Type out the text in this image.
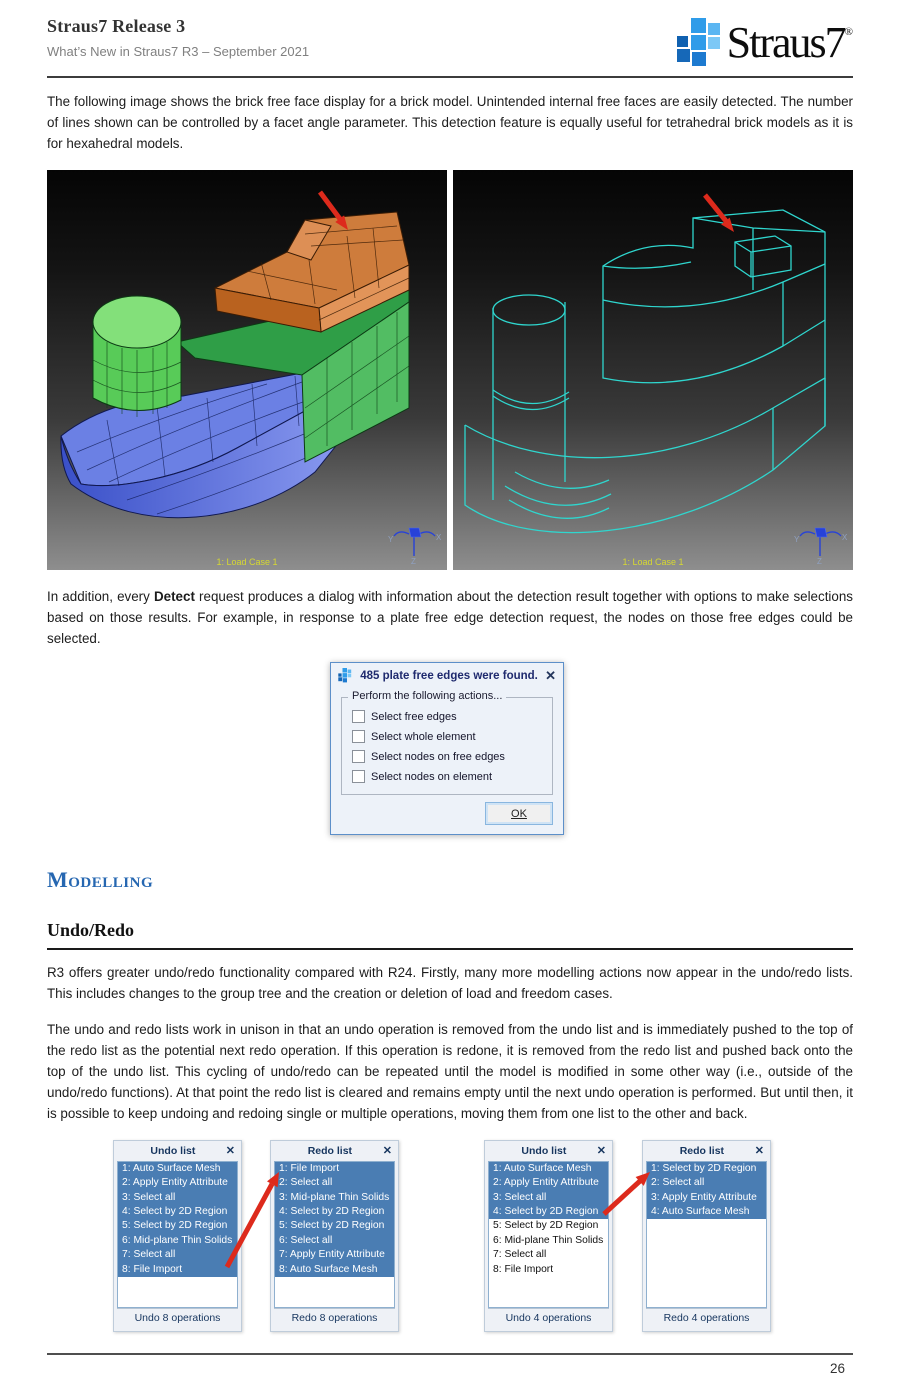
Straus7 Release 3
What’s New in Straus7 R3 – September 2021	Straus7®

The following image shows the brick free face display for a brick model. Unintended internal free faces are easily detected. The number of lines shown can be controlled by a facet angle parameter. This detection feature is equally useful for tetrahedral brick models as it is for hexahedral models.

Y	X
Z
1: Load Case 1
Y	X
Z
1: Load Case 1

In addition, every Detect request produces a dialog with information about the detection result together with options to make selections based on those results. For example, in response to a plate free edge detection request, the nodes on those free edges could be selected.

485 plate free edges were found. ✕
Perform the following actions...
Select free edges
Select whole element
Select nodes on free edges
Select nodes on element
OK
Modelling
Undo/Redo

R3 offers greater undo/redo functionality compared with R24. Firstly, many more modelling actions now appear in the undo/redo lists. This includes changes to the group tree and the creation or deletion of load and freedom cases.

The undo and redo lists work in unison in that an undo operation is removed from the undo list and is immediately pushed to the top of the redo list as the potential next redo operation. If this operation is redone, it is removed from the redo list and pushed back onto the top of the undo list. This cycling of undo/redo can be repeated until the model is modified in some other way (i.e., outside of the undo/redo functions). At that point the redo list is cleared and remains empty until the next undo operation is performed. But until then, it is possible to keep undoing and redoing single or multiple operations, moving them from one list to the other and back.

Undo list	✕
1: Auto Surface Mesh
2: Apply Entity Attribute
3: Select all
4: Select by 2D Region
5: Select by 2D Region
6: Mid-plane Thin Solids
7: Select all
8: File Import
Undo 8 operations
Redo list	✕
1: File Import
2: Select all
3: Mid-plane Thin Solids
4: Select by 2D Region
5: Select by 2D Region
6: Select all
7: Apply Entity Attribute
8: Auto Surface Mesh
Redo 8 operations
Undo list	✕
1: Auto Surface Mesh
2: Apply Entity Attribute
3: Select all
4: Select by 2D Region
5: Select by 2D Region
6: Mid-plane Thin Solids
7: Select all
8: File Import
Undo 4 operations
Redo list	✕
1: Select by 2D Region
2: Select all
3: Apply Entity Attribute
4: Auto Surface Mesh
Redo 4 operations
26
